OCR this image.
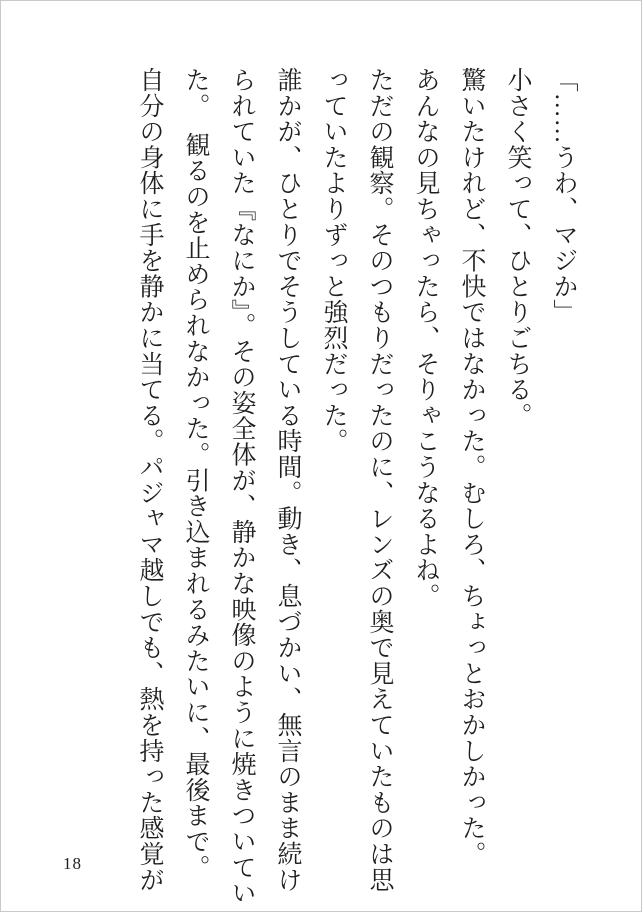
「……うわ、マジか」
小さく笑って、ひとりごちる。
驚いたけれど、不快ではなかった。むしろ、ちょっとおかしかった。
あんなの見ちゃったら、そりゃこうなるよね。
ただの観察。そのつもりだったのに、レンズの奥で見えていたものは思
っていたよりずっと強烈だった。
誰かが、ひとりでそうしている時間。動き、息づかい、無言のまま続け
られていた『なにか』。その姿全体が、静かな映像のように焼きついてい
た。　観るのを止められなかった。引き込まれるみたいに、最後まで。
自分の身体に手を静かに当てる。パジャマ越しでも、熱を持った感覚が
18
